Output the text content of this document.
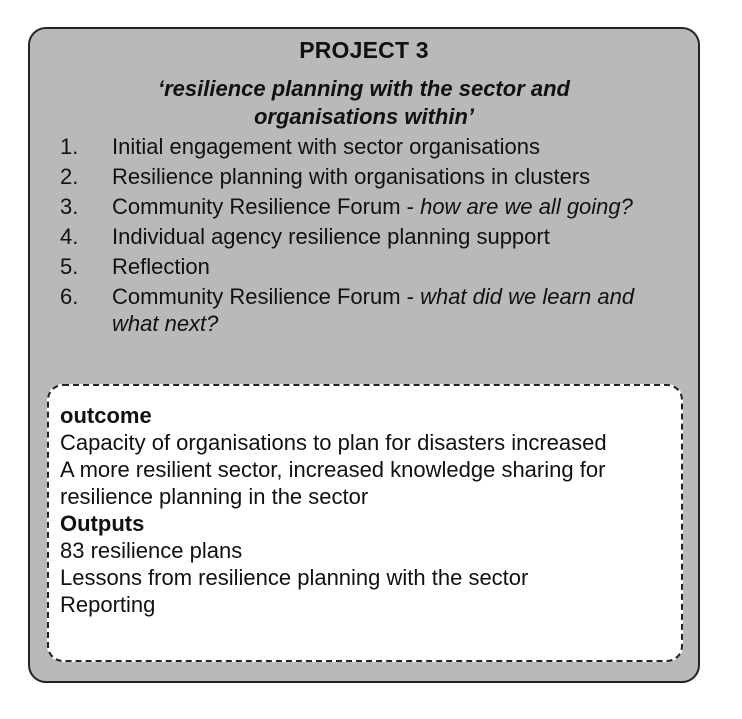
PROJECT 3
‘resilience planning with the sector and organisations within’
1.	Initial engagement with sector organisations
2.	Resilience planning with organisations in clusters
3.	Community Resilience Forum - how are we all going?
4.	Individual agency resilience planning support
5.	Reflection
6.	Community Resilience Forum - what did we learn and what next?
outcome
Capacity of organisations to plan for disasters increased
A more resilient sector, increased knowledge sharing for resilience planning in the sector
Outputs
83 resilience plans
Lessons from resilience planning with the sector
Reporting
